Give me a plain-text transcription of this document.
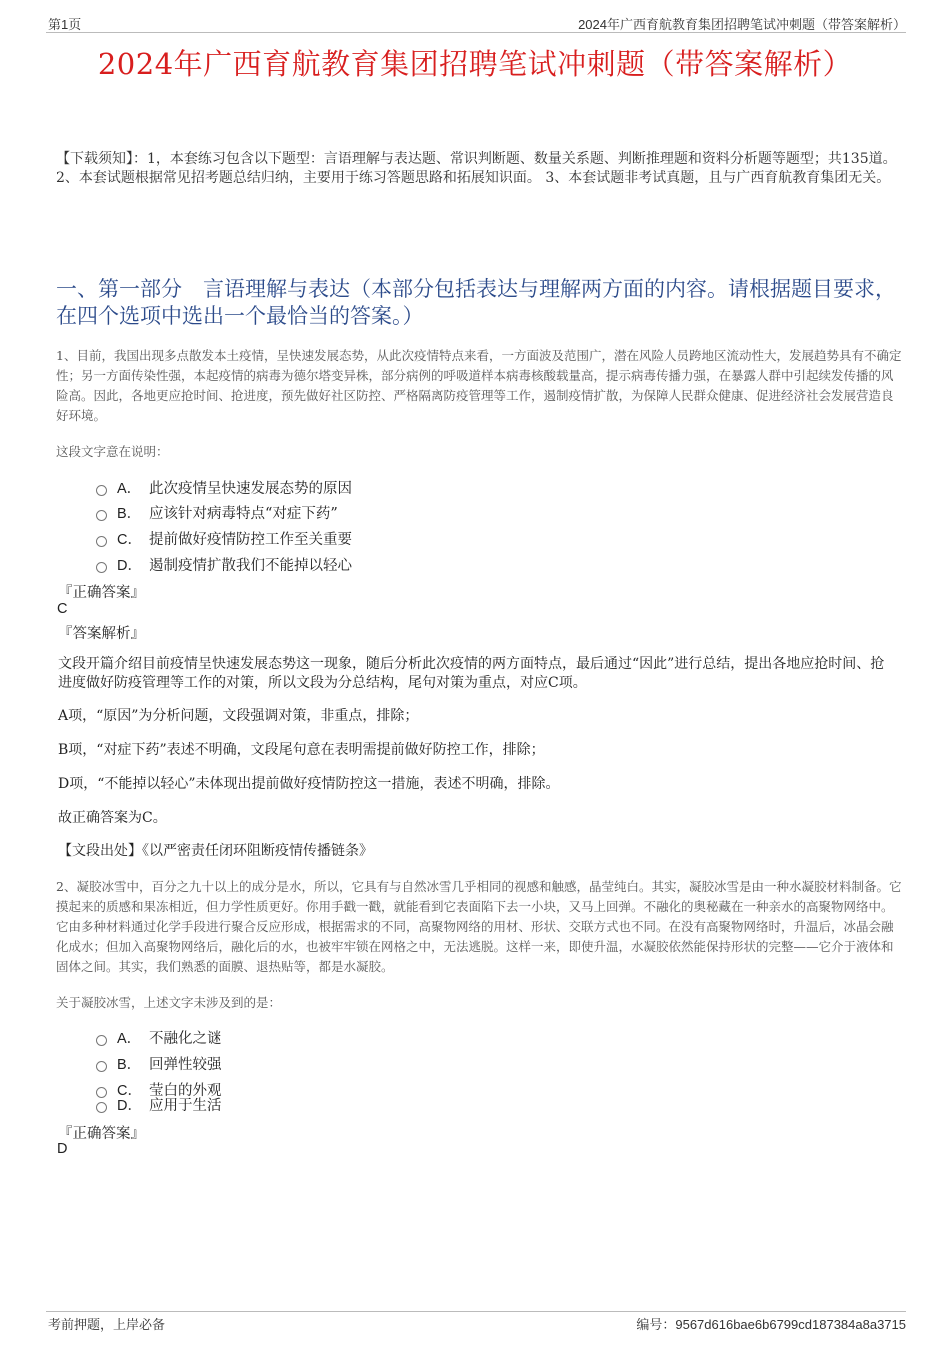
第1页	2024年广西育航教育集团招聘笔试冲刺题（带答案解析）
2024年广西育航教育集团招聘笔试冲刺题（带答案解析）
【下载须知】：1，本套练习包含以下题型：言语理解与表达题、常识判断题、数量关系题、判断推理题和资料分析题等题型；共135道。 2、本套试题根据常见招考题总结归纳，主要用于练习答题思路和拓展知识面。 3、本套试题非考试真题，且与广西育航教育集团无关。
一、第一部分　言语理解与表达（本部分包括表达与理解两方面的内容。请根据题目要求，在四个选项中选出一个最恰当的答案。）
1、目前，我国出现多点散发本土疫情，呈快速发展态势，从此次疫情特点来看，一方面波及范围广，潜在风险人员跨地区流动性大，发展趋势具有不确定性；另一方面传染性强，本起疫情的病毒为德尔塔变异株，部分病例的呼吸道样本病毒核酸载量高，提示病毒传播力强，在暴露人群中引起续发传播的风险高。因此，各地更应抢时间、抢进度，预先做好社区防控、严格隔离防疫管理等工作，遏制疫情扩散，为保障人民群众健康、促进经济社会发展营造良好环境。
这段文字意在说明：
A． 此次疫情呈快速发展态势的原因
B． 应该针对病毒特点“对症下药”
C． 提前做好疫情防控工作至关重要
D． 遏制疫情扩散我们不能掉以轻心
『正确答案』
C
『答案解析』
文段开篇介绍目前疫情呈快速发展态势这一现象，随后分析此次疫情的两方面特点，最后通过“因此”进行总结，提出各地应抢时间、抢进度做好防疫管理等工作的对策，所以文段为分总结构，尾句对策为重点，对应C项。
A项，“原因”为分析问题，文段强调对策，非重点，排除；
B项，“对症下药”表述不明确，文段尾句意在表明需提前做好防控工作，排除；
D项，“不能掉以轻心”未体现出提前做好疫情防控这一措施，表述不明确，排除。
故正确答案为C。
【文段出处】《以严密责任闭环阻断疫情传播链条》
2、凝胶冰雪中，百分之九十以上的成分是水，所以，它具有与自然冰雪几乎相同的视感和触感，晶莹纯白。其实，凝胶冰雪是由一种水凝胶材料制备。它摸起来的质感和果冻相近，但力学性质更好。你用手戳一戳，就能看到它表面陷下去一小块，又马上回弹。不融化的奥秘藏在一种亲水的高聚物网络中。它由多种材料通过化学手段进行聚合反应形成，根据需求的不同，高聚物网络的用材、形状、交联方式也不同。在没有高聚物网络时，升温后，冰晶会融化成水；但加入高聚物网络后，融化后的水，也被牢牢锁在网格之中，无法逃脱。这样一来，即使升温，水凝胶依然能保持形状的完整——它介于液体和固体之间。其实，我们熟悉的面膜、退热贴等，都是水凝胶。
关于凝胶冰雪，上述文字未涉及到的是：
A． 不融化之谜
B． 回弹性较强
C． 莹白的外观
D． 应用于生活
『正确答案』
D
考前押题，上岸必备	编号：9567d616bae6b6799cd187384a8a3715
